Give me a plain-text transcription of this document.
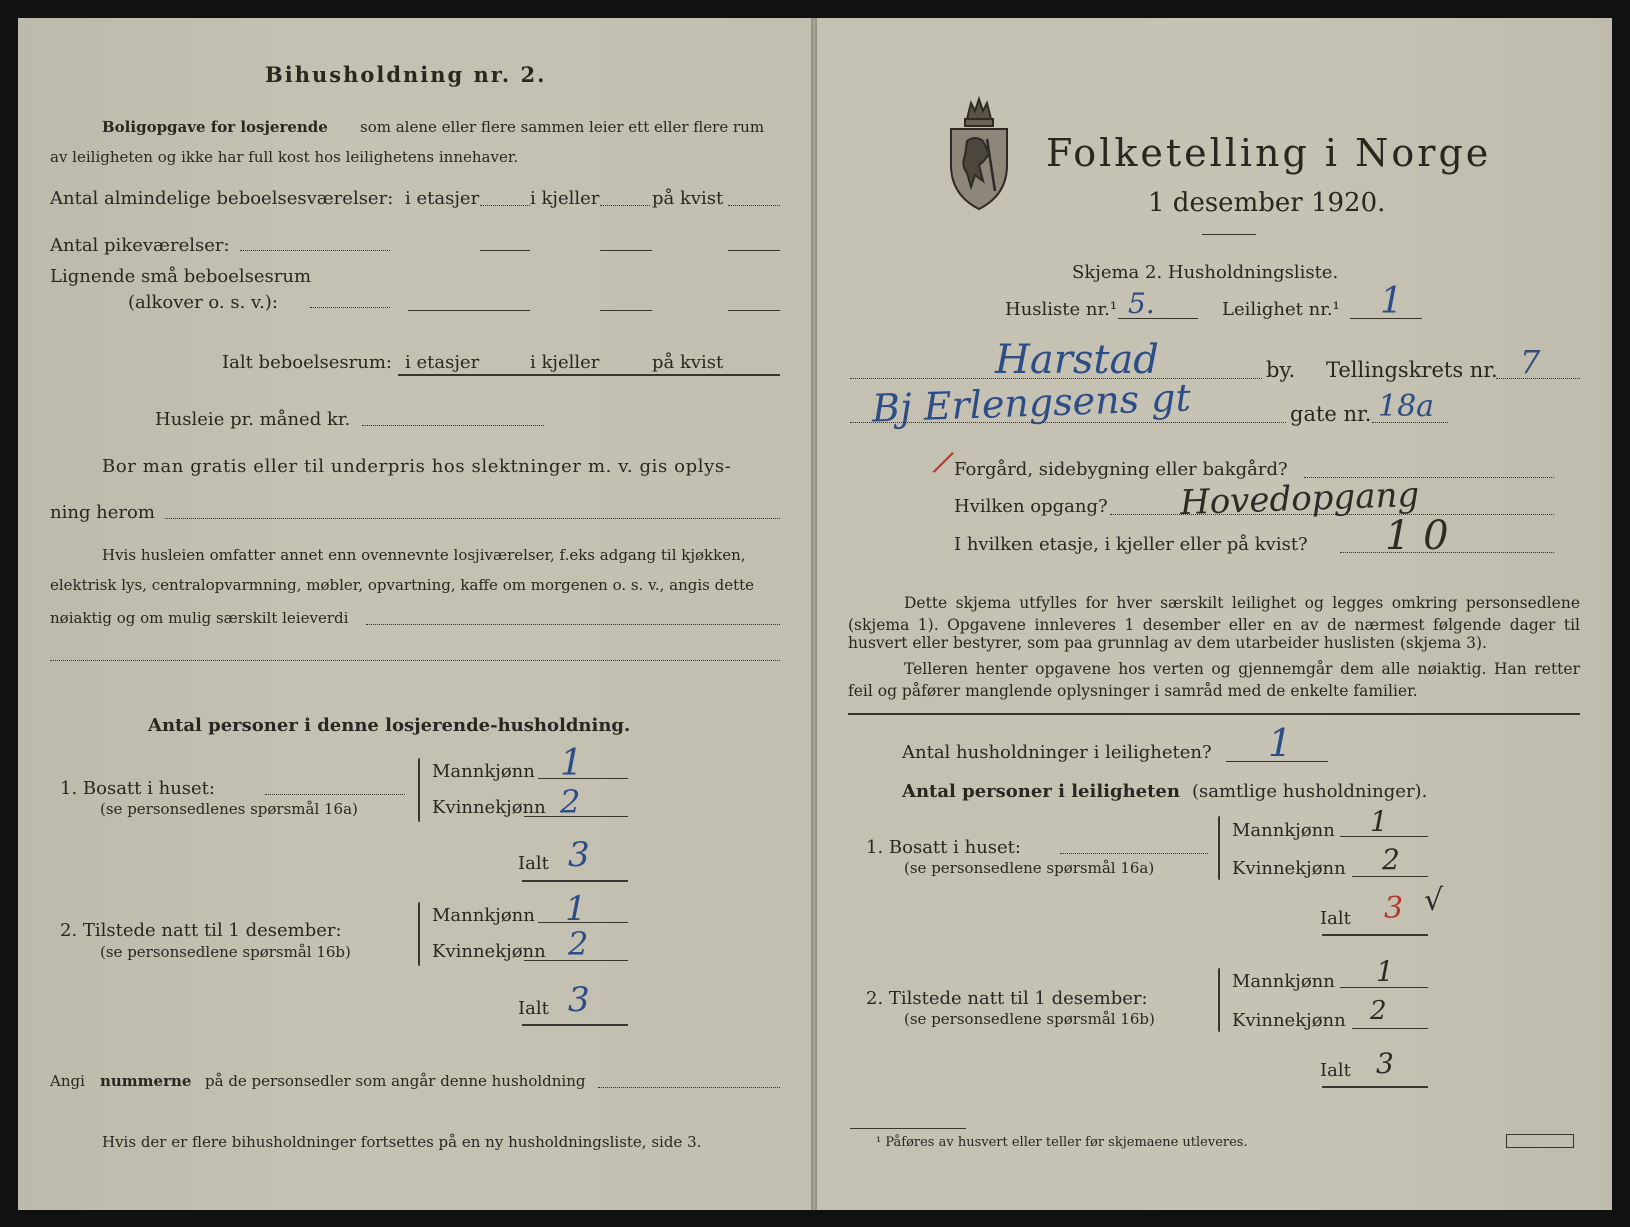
Bihusholdning nr. 2.
Boligopgave for losjerende som alene eller flere sammen leier ett eller flere rum
av leiligheten og ikke har full kost hos leilighetens innehaver.
Antal almindelige beboelsesværelser: i etasjer	i kjeller	på kvist
Antal pikeværelser:
Lignende små beboelsesrum
(alkover o. s. v.):
Ialt beboelsesrum: i etasjer	i kjeller	på kvist
Husleie pr. måned kr.
Bor man gratis eller til underpris hos slektninger m. v. gis oplys-
ning herom
Hvis husleien omfatter annet enn ovennevnte losjiværelser, f.eks adgang til kjøkken,
elektrisk lys, centralopvarmning, møbler, opvartning, kaffe om morgenen o. s. v., angis dette
nøiaktig og om mulig særskilt leieverdi
Antal personer i denne losjerende-husholdning.
1. Bosatt i huset:
(se personsedlenes spørsmål 16a)
Mannkjønn 1
Kvinnekjønn 2
Ialt 3
2. Tilstede natt til 1 desember:
(se personsedlene spørsmål 16b)
Mannkjønn 1
Kvinnekjønn 2
Ialt 3
Angi nummerne på de personsedler som angår denne husholdning
Hvis der er flere bihusholdninger fortsettes på en ny husholdningsliste, side 3.
Folketelling i Norge
1 desember 1920.
Skjema 2. Husholdningsliste.
Husliste nr.¹ 5.	Leilighet nr.¹ 1
Harstad	by. Tellingskrets nr. 7
Bj Erlengsens gt	gate nr. 18a
/ Forgård, sidebygning eller bakgård?
Hvilken opgang? Hovedopgang
I hvilken etasje, i kjeller eller på kvist? 1 0
Dette skjema utfylles for hver særskilt leilighet og legges omkring personsedlene
(skjema 1). Opgavene innleveres 1 desember eller en av de nærmest følgende dager til
husvert eller bestyrer, som paa grunnlag av dem utarbeider huslisten (skjema 3).
Telleren henter opgavene hos verten og gjennemgår dem alle nøiaktig. Han retter
feil og påfører manglende oplysninger i samråd med de enkelte familier.
Antal husholdninger i leiligheten? 1
Antal personer i leiligheten (samtlige husholdninger).
1. Bosatt i huset:
(se personsedlene spørsmål 16a)
Mannkjønn 1
Kvinnekjønn 2
Ialt 3 √
2. Tilstede natt til 1 desember:
(se personsedlene spørsmål 16b)
Mannkjønn 1
Kvinnekjønn 2
Ialt 3
¹ Påføres av husvert eller teller før skjemaene utleveres.
